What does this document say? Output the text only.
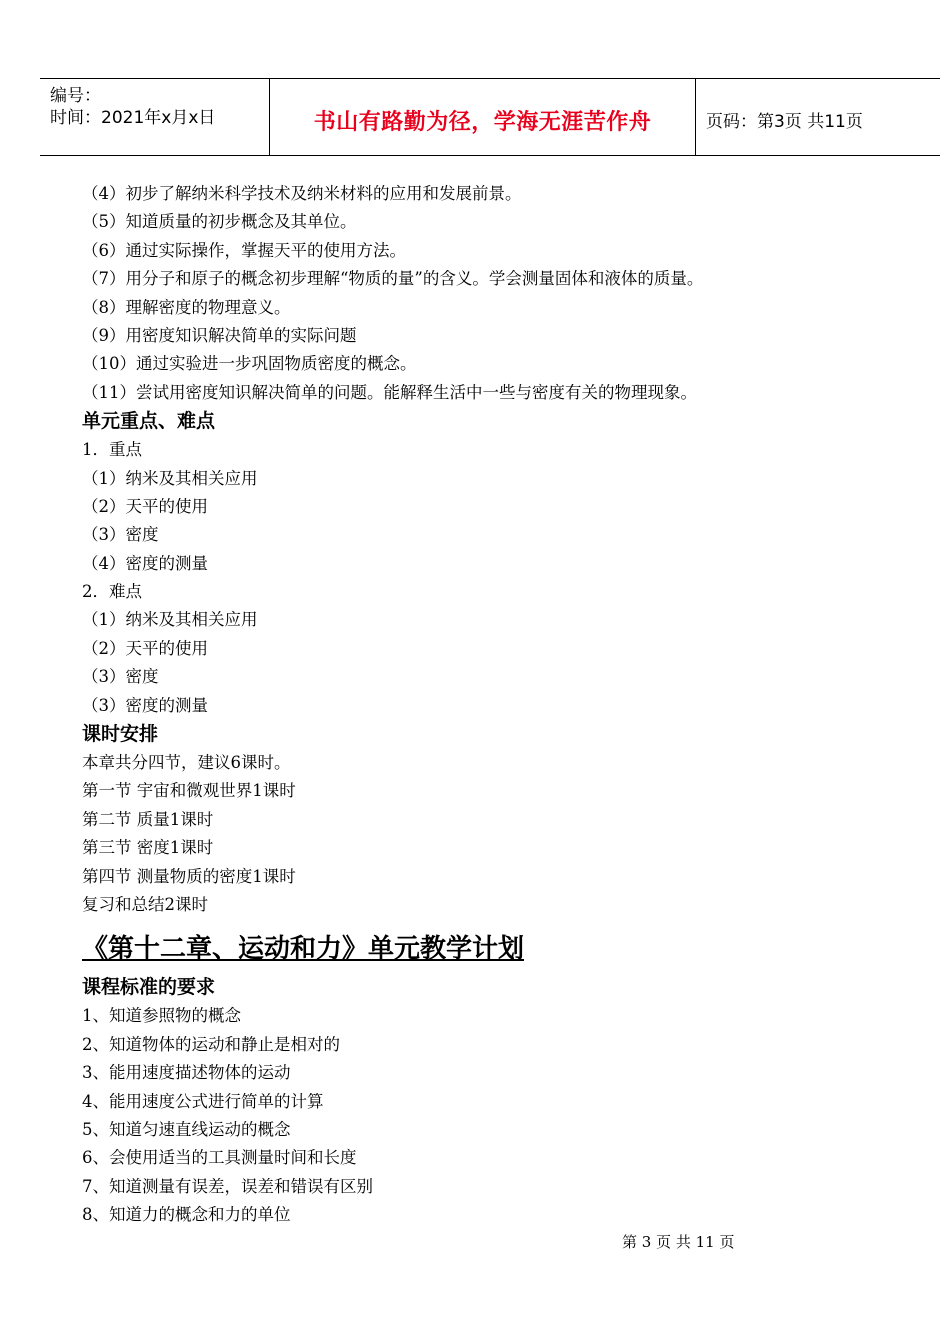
编号：
时间：2021年x月x日	书山有路勤为径，学海无涯苦作舟	页码：第3页 共11页
（4）初步了解纳米科学技术及纳米材料的应用和发展前景。
（5）知道质量的初步概念及其单位。
（6）通过实际操作，掌握天平的使用方法。
（7）用分子和原子的概念初步理解“物质的量”的含义。学会测量固体和液体的质量。
（8）理解密度的物理意义。
（9）用密度知识解决简单的实际问题
（10）通过实验进一步巩固物质密度的概念。
（11）尝试用密度知识解决简单的问题。能解释生活中一些与密度有关的物理现象。
单元重点、难点
1．重点
（1）纳米及其相关应用
（2）天平的使用
（3）密度
（4）密度的测量
2．难点
（1）纳米及其相关应用
（2）天平的使用
（3）密度
（3）密度的测量
课时安排
本章共分四节，建议6课时。
第一节 宇宙和微观世界1课时
第二节 质量1课时
第三节 密度1课时
第四节 测量物质的密度1课时
复习和总结2课时
《第十二章、运动和力》单元教学计划
课程标准的要求
1、知道参照物的概念
2、知道物体的运动和静止是相对的
3、能用速度描述物体的运动
4、能用速度公式进行简单的计算
5、知道匀速直线运动的概念
6、会使用适当的工具测量时间和长度
7、知道测量有误差，误差和错误有区别
8、知道力的概念和力的单位
第 3 页 共 11 页
